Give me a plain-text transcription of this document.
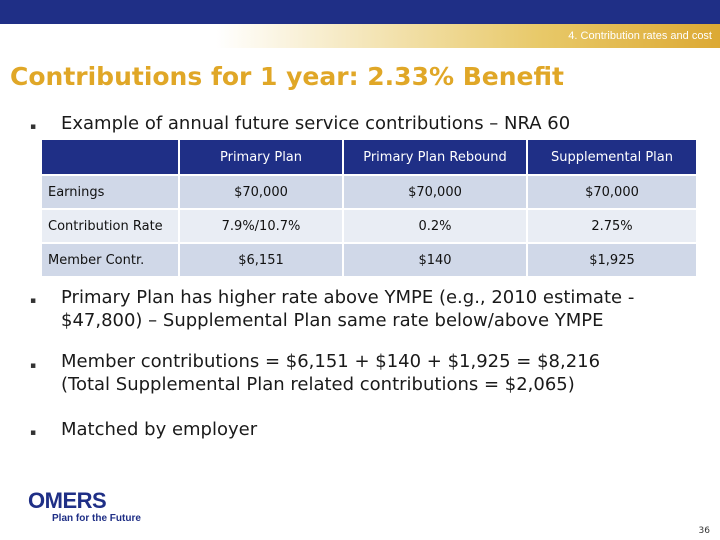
4. Contribution rates and cost
Contributions for 1 year: 2.33% Benefit
▪ Example of annual future service contributions – NRA 60
	Primary Plan	Primary Plan Rebound	Supplemental Plan
Earnings	$70,000	$70,000	$70,000
Contribution Rate	7.9%/10.7%	0.2%	2.75%
Member Contr.	$6,151	$140	$1,925
▪ Primary Plan has higher rate above YMPE (e.g., 2010 estimate -
$47,800) – Supplemental Plan same rate below/above YMPE
▪ Member contributions = $6,151 + $140 + $1,925 = $8,216
(Total Supplemental Plan related contributions = $2,065)
▪ Matched by employer
OMERS
Plan for the Future
36
